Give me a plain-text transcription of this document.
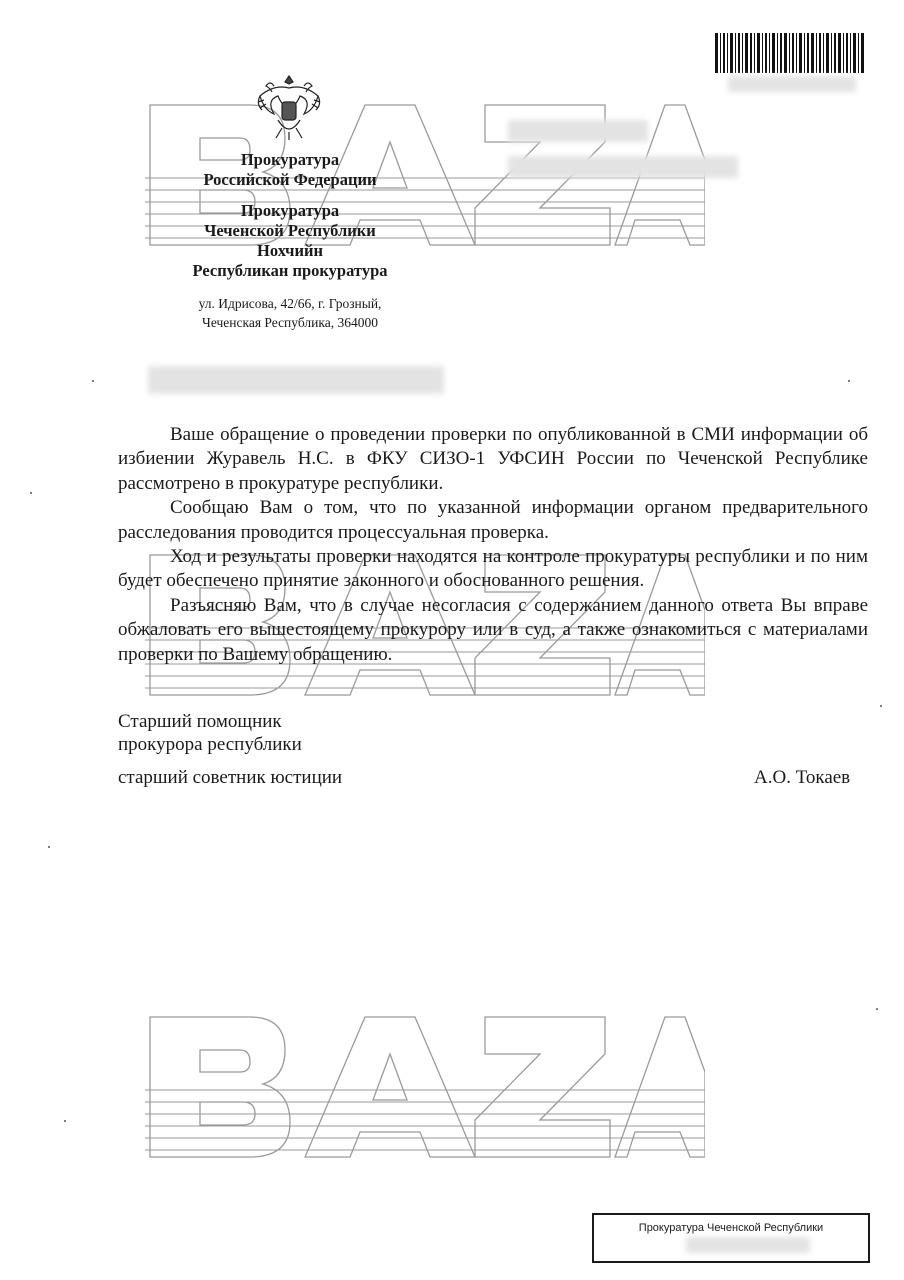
Прокуратура
Российской Федерации
Прокуратура
Чеченской Республики
Нохчийн
Республикан прокуратура
ул. Идрисова, 42/66, г. Грозный,
Чеченская Республика, 364000

Ваше обращение о проведении проверки по опубликованной в СМИ информации об избиении Журавель Н.С. в ФКУ СИЗО-1 УФСИН России по Чеченской Республике рассмотрено в прокуратуре республики.

Сообщаю Вам о том, что по указанной информации органом предварительного расследования проводится процессуальная проверка.

Ход и результаты проверки находятся на контроле прокуратуры республики и по ним будет обеспечено принятие законного и обоснованного решения.

Разъясняю Вам, что в случае несогласия с содержанием данного ответа Вы вправе обжаловать его вышестоящему прокурору или в суд, а также ознакомиться с материалами проверки по Вашему обращению.

Старший помощник
прокурора республики
старший советник юстиции	А.О. Токаев
Прокуратура Чеченской Республики
